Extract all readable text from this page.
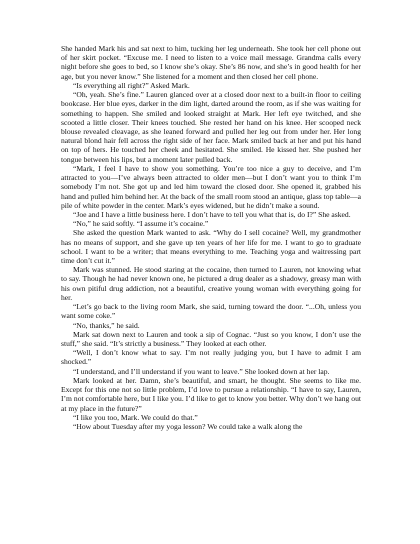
She handed Mark his and sat next to him, tucking her leg underneath. She took her cell phone out of her skirt pocket. “Excuse me. I need to listen to a voice mail message. Grandma calls every night before she goes to bed, so I know she’s okay. She’s 86 now, and she’s in good health for her age, but you never know.” She listened for a moment and then closed her cell phone.

“Is everything all right?” Asked Mark.

“Oh, yeah. She’s fine.” Lauren glanced over at a closed door next to a built-in floor to ceiling bookcase. Her blue eyes, darker in the dim light, darted around the room, as if she was waiting for something to happen. She smiled and looked straight at Mark. Her left eye twitched, and she scooted a little closer. Their knees touched. She rested her hand on his knee. Her scooped neck blouse revealed cleavage, as she leaned forward and pulled her leg out from under her. Her long natural blond hair fell across the right side of her face. Mark smiled back at her and put his hand on top of hers. He touched her cheek and hesitated. She smiled. He kissed her. She pushed her tongue between his lips, but a moment later pulled back.

“Mark, I feel I have to show you something. You’re too nice a guy to deceive, and I’m attracted to you—I’ve always been attracted to older men—but I don’t want you to think I’m somebody I’m not. She got up and led him toward the closed door. She opened it, grabbed his hand and pulled him behind her. At the back of the small room stood an antique, glass top table—a pile of white powder in the center. Mark’s eyes widened, but he didn’t make a sound.

“Joe and I have a little business here. I don’t have to tell you what that is, do I?” She asked.

“No,” he said softly. “I assume it’s cocaine.”

She asked the question Mark wanted to ask. “Why do I sell cocaine? Well, my grandmother has no means of support, and she gave up ten years of her life for me. I want to go to graduate school. I want to be a writer; that means everything to me. Teaching yoga and waitressing part time don’t cut it.”

Mark was stunned. He stood staring at the cocaine, then turned to Lauren, not knowing what to say. Though he had never known one, he pictured a drug dealer as a shadowy, greasy man with his own pitiful drug addiction, not a beautiful, creative young woman with everything going for her.

“Let’s go back to the living room Mark, she said, turning toward the door. “...Oh, unless you want some coke.”

“No, thanks,” he said.

Mark sat down next to Lauren and took a sip of Cognac. “Just so you know, I don’t use the stuff,” she said. “It’s strictly a business.” They looked at each other.

“Well, I don’t know what to say. I’m not really judging you, but I have to admit I am shocked.”

“I understand, and I’ll understand if you want to leave.” She looked down at her lap.

Mark looked at her. Damn, she’s beautiful, and smart, he thought. She seems to like me. Except for this one not so little problem, I’d love to pursue a relationship. “I have to say, Lauren, I’m not comfortable here, but I like you. I’d like to get to know you better. Why don’t we hang out at my place in the future?”

“I like you too, Mark. We could do that.”

“How about Tuesday after my yoga lesson? We could take a walk along the
